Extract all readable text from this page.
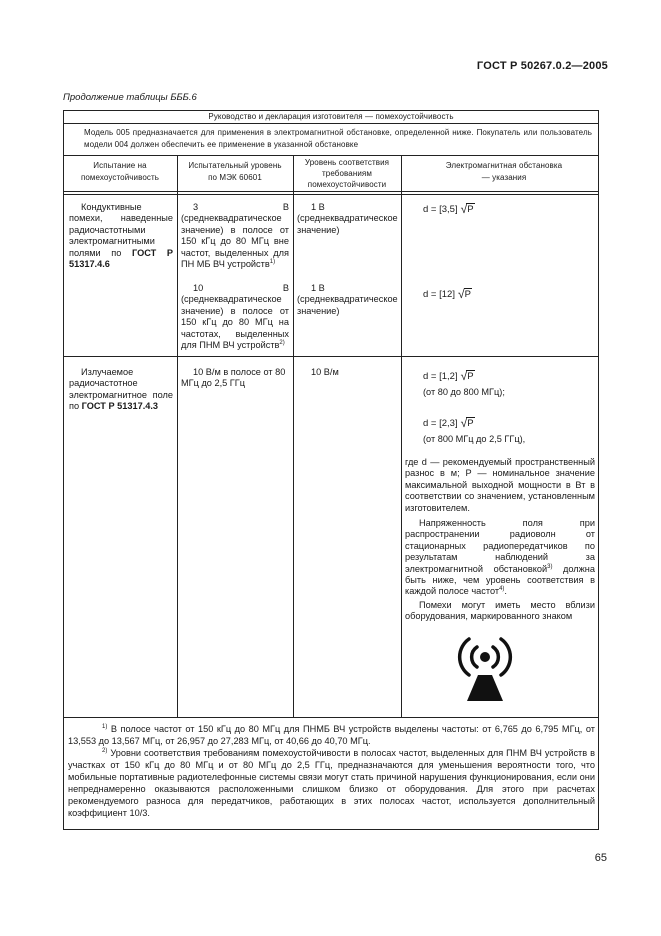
ГОСТ Р 50267.0.2—2005
Продолжение таблицы БББ.6
Руководство и декларация изготовителя — помехоустойчивость
Модель 005 предназначается для применения в электромагнитной обстановке, определенной ниже. Покупатель или пользователь модели 004 должен обеспечить ее применение в указанной обстановке
Испытание на помехоустойчивость
Испытательный уровень по МЭК 60601
Уровень соответствия требованиям помехоустойчивости
Электромагнитная обстановка — указания
Кондуктивные помехи, наведенные радиочастотными электромагнитными полями по ГОСТ Р 51317.4.6
3 В (среднеквадратическое значение) в полосе от 150 кГц до 80 МГц вне частот, выделенных для ПН МБ ВЧ устройств$^{1)}$
10 В (среднеквадратическое значение) в полосе от 150 кГц до 80 МГц на частотах, выделенных для ПНМ ВЧ устройств$^{2)}$
1 В (среднеквадратическое значение)
1 В (среднеквадратическое значение)
d = [3,5] √ P
d = [12] √ P
Излучаемое радиочастотное электромагнитное поле по ГОСТ Р 51317.4.3
10 В/м в полосе от 80 МГц до 2,5 ГГц
10 В/м	d = [1,2] √ P
(от 80 до 800 МГц);
d = [2,3] √ P
(от 800 МГц до 2,5 ГГц),
где d — рекомендуемый пространственный разнос в м; P — номинальное значение максимальной выходной мощности в Вт в соответствии со значением, установленным изготовителем.
Напряженность поля при распространении радиоволн от стационарных радиопередатчиков по результатам наблюдений за электромагнитной обстановкой$^{3)}$ должна быть ниже, чем уровень соответствия в каждой полосе частот$^{4)}$.
Помехи могут иметь место вблизи оборудования, маркированного знаком
$^{1)}$ В полосе частот от 150 кГц до 80 МГц для ПНМБ ВЧ устройств выделены частоты: от 6,765 до 6,795 МГц, от 13,553 до 13,567 МГц, от 26,957 до 27,283 МГц, от 40,66 до 40,70 МГц.
$^{2)}$ Уровни соответствия требованиям помехоустойчивости в полосах частот, выделенных для ПНМ ВЧ устройств в участках от 150 кГц до 80 МГц и от 80 МГц до 2,5 ГГц, предназначаются для уменьшения вероятности того, что мобильные портативные радиотелефонные системы связи могут стать причиной нарушения функционирования, если они непреднамеренно оказываются расположенными слишком близко от оборудования. Для этого при расчетах рекомендуемого разноса для передатчиков, работающих в этих полосах частот, используется дополнительный коэффициент 10/3.
65
